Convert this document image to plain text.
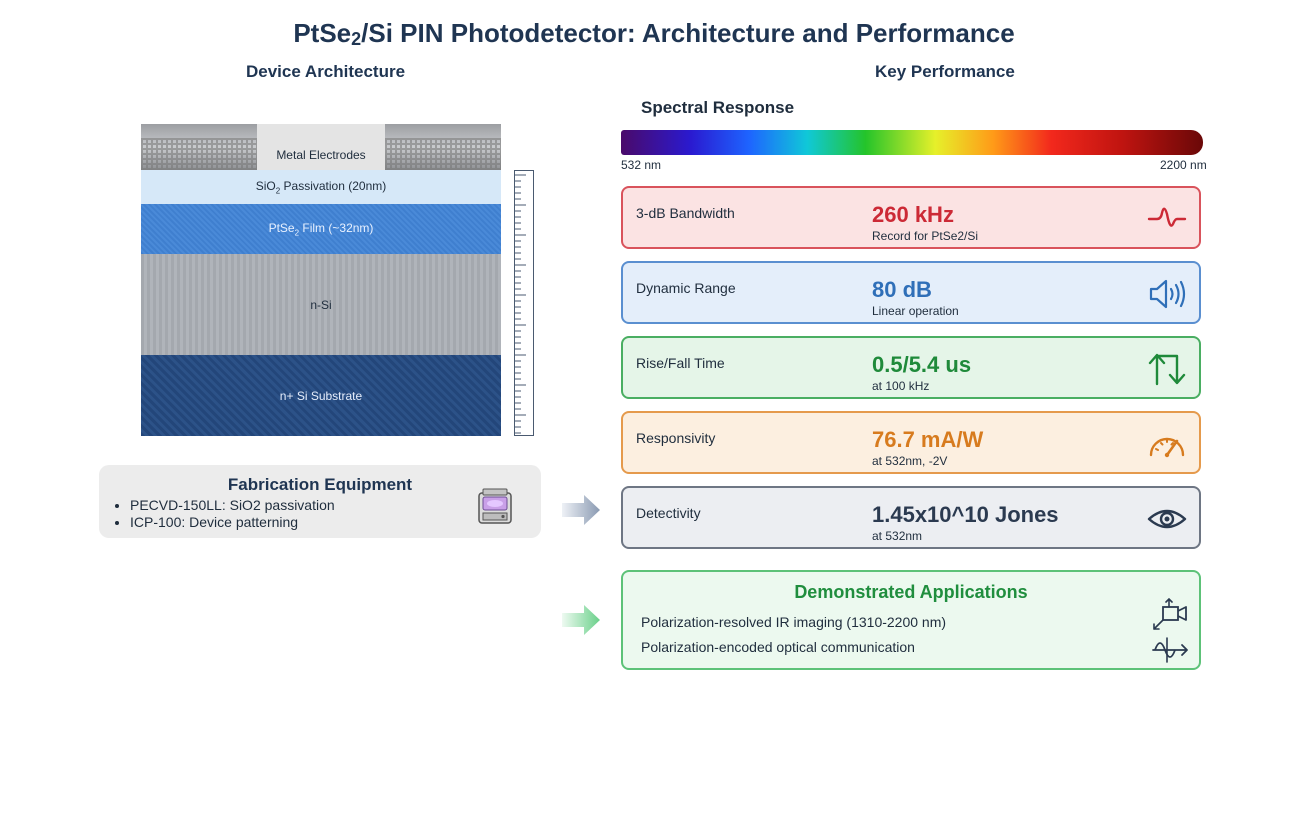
PtSe2/Si PIN Photodetector: Architecture and Performance
Device Architecture	Key Performance
Metal Electrodes
SiO$_2$ Passivation (20nm)
PtSe$_2$ Film (~32nm)
n-Si
n+ Si Substrate
Fabrication Equipment
• PECVD-150LL: SiO2 passivation
• ICP-100: Device patterning
Spectral Response
532 nm	2200 nm
3-dB Bandwidth	260 kHz
Record for PtSe2/Si
Dynamic Range	80 dB
Linear operation
Rise/Fall Time	0.5/5.4 us
at 100 kHz
Responsivity	76.7 mA/W
at 532nm, -2V
Detectivity	1.45x10^10 Jones
at 532nm
Demonstrated Applications
Polarization-resolved IR imaging (1310-2200 nm)
Polarization-encoded optical communication
